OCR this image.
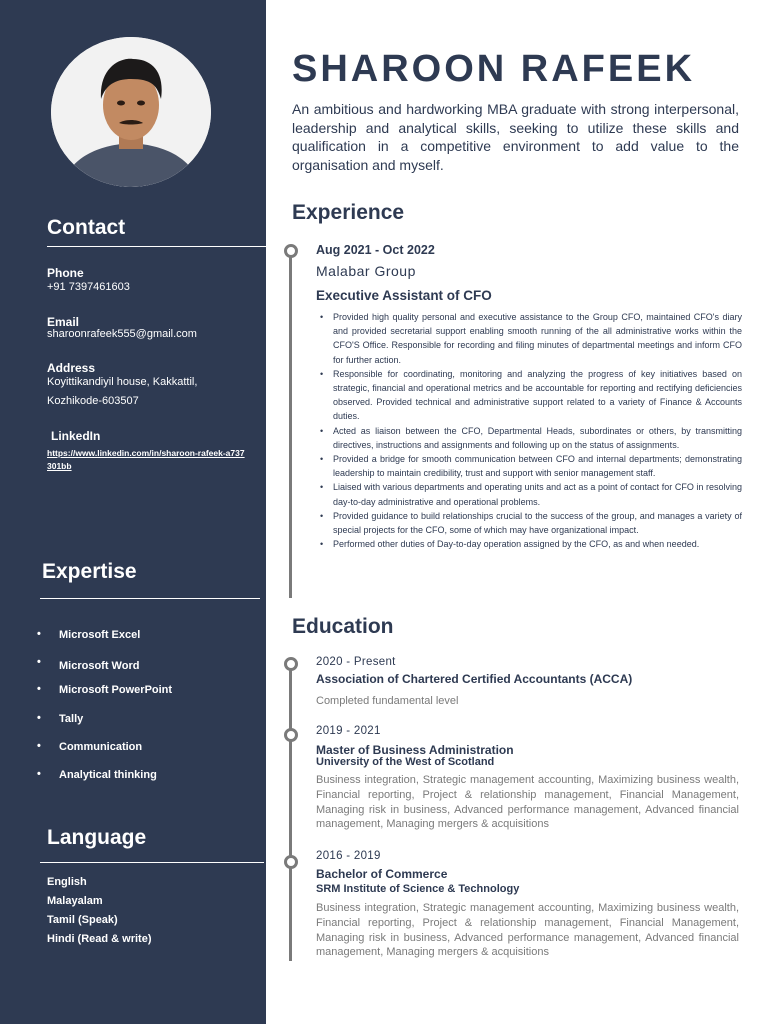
Contact
Phone
+91 7397461603
Email
sharoonrafeek555@gmail.com
Address
Koyittikandiyil house, Kakkattil,
Kozhikode-603507
LinkedIn
https://www.linkedin.com/in/sharoon-rafeek-a737301bb
Expertise
• Microsoft Excel
• Microsoft Word
• Microsoft PowerPoint
• Tally
• Communication
• Analytical thinking
Language
English
Malayalam
Tamil (Speak)
Hindi (Read & write)
SHAROON RAFEEK
An ambitious and hardworking MBA graduate with strong interpersonal, leadership and analytical skills, seeking to utilize these skills and qualification in a competitive environment to add value to the organisation and myself.
Experience
Aug 2021 - Oct 2022
Malabar Group
Executive Assistant of CFO
• Provided high quality personal and executive assistance to the Group CFO, maintained CFO's diary and provided secretarial support enabling smooth running of the all administrative works within the CFO'S Office. Responsible for recording and filing minutes of departmental meetings and inform CFO for further action.
• Responsible for coordinating, monitoring and analyzing the progress of key initiatives based on strategic, financial and operational metrics and be accountable for reporting and rectifying deficiencies observed. Provided technical and administrative support related to a variety of Finance & Accounts duties.
• Acted as liaison between the CFO, Departmental Heads, subordinates or others, by transmitting directives, instructions and assignments and following up on the status of assignments.
• Provided a bridge for smooth communication between CFO and internal departments; demonstrating leadership to maintain credibility, trust and support with senior management staff.
• Liaised with various departments and operating units and act as a point of contact for CFO in resolving day-to-day administrative and operational problems.
• Provided guidance to build relationships crucial to the success of the group, and manages a variety of special projects for the CFO, some of which may have organizational impact.
• Performed other duties of Day-to-day operation assigned by the CFO, as and when needed.
Education
2020 - Present
Association of Chartered Certified Accountants (ACCA)
Completed fundamental level
2019 - 2021
Master of Business Administration
University of the West of Scotland
Business integration, Strategic management accounting, Maximizing business wealth, Financial reporting, Project & relationship management, Financial Management, Managing risk in business, Advanced performance management, Advanced financial management, Managing mergers & acquisitions
2016 - 2019
Bachelor of Commerce
SRM Institute of Science & Technology
Business integration, Strategic management accounting, Maximizing business wealth, Financial reporting, Project & relationship management, Financial Management, Managing risk in business, Advanced performance management, Advanced financial management, Managing mergers & acquisitions
